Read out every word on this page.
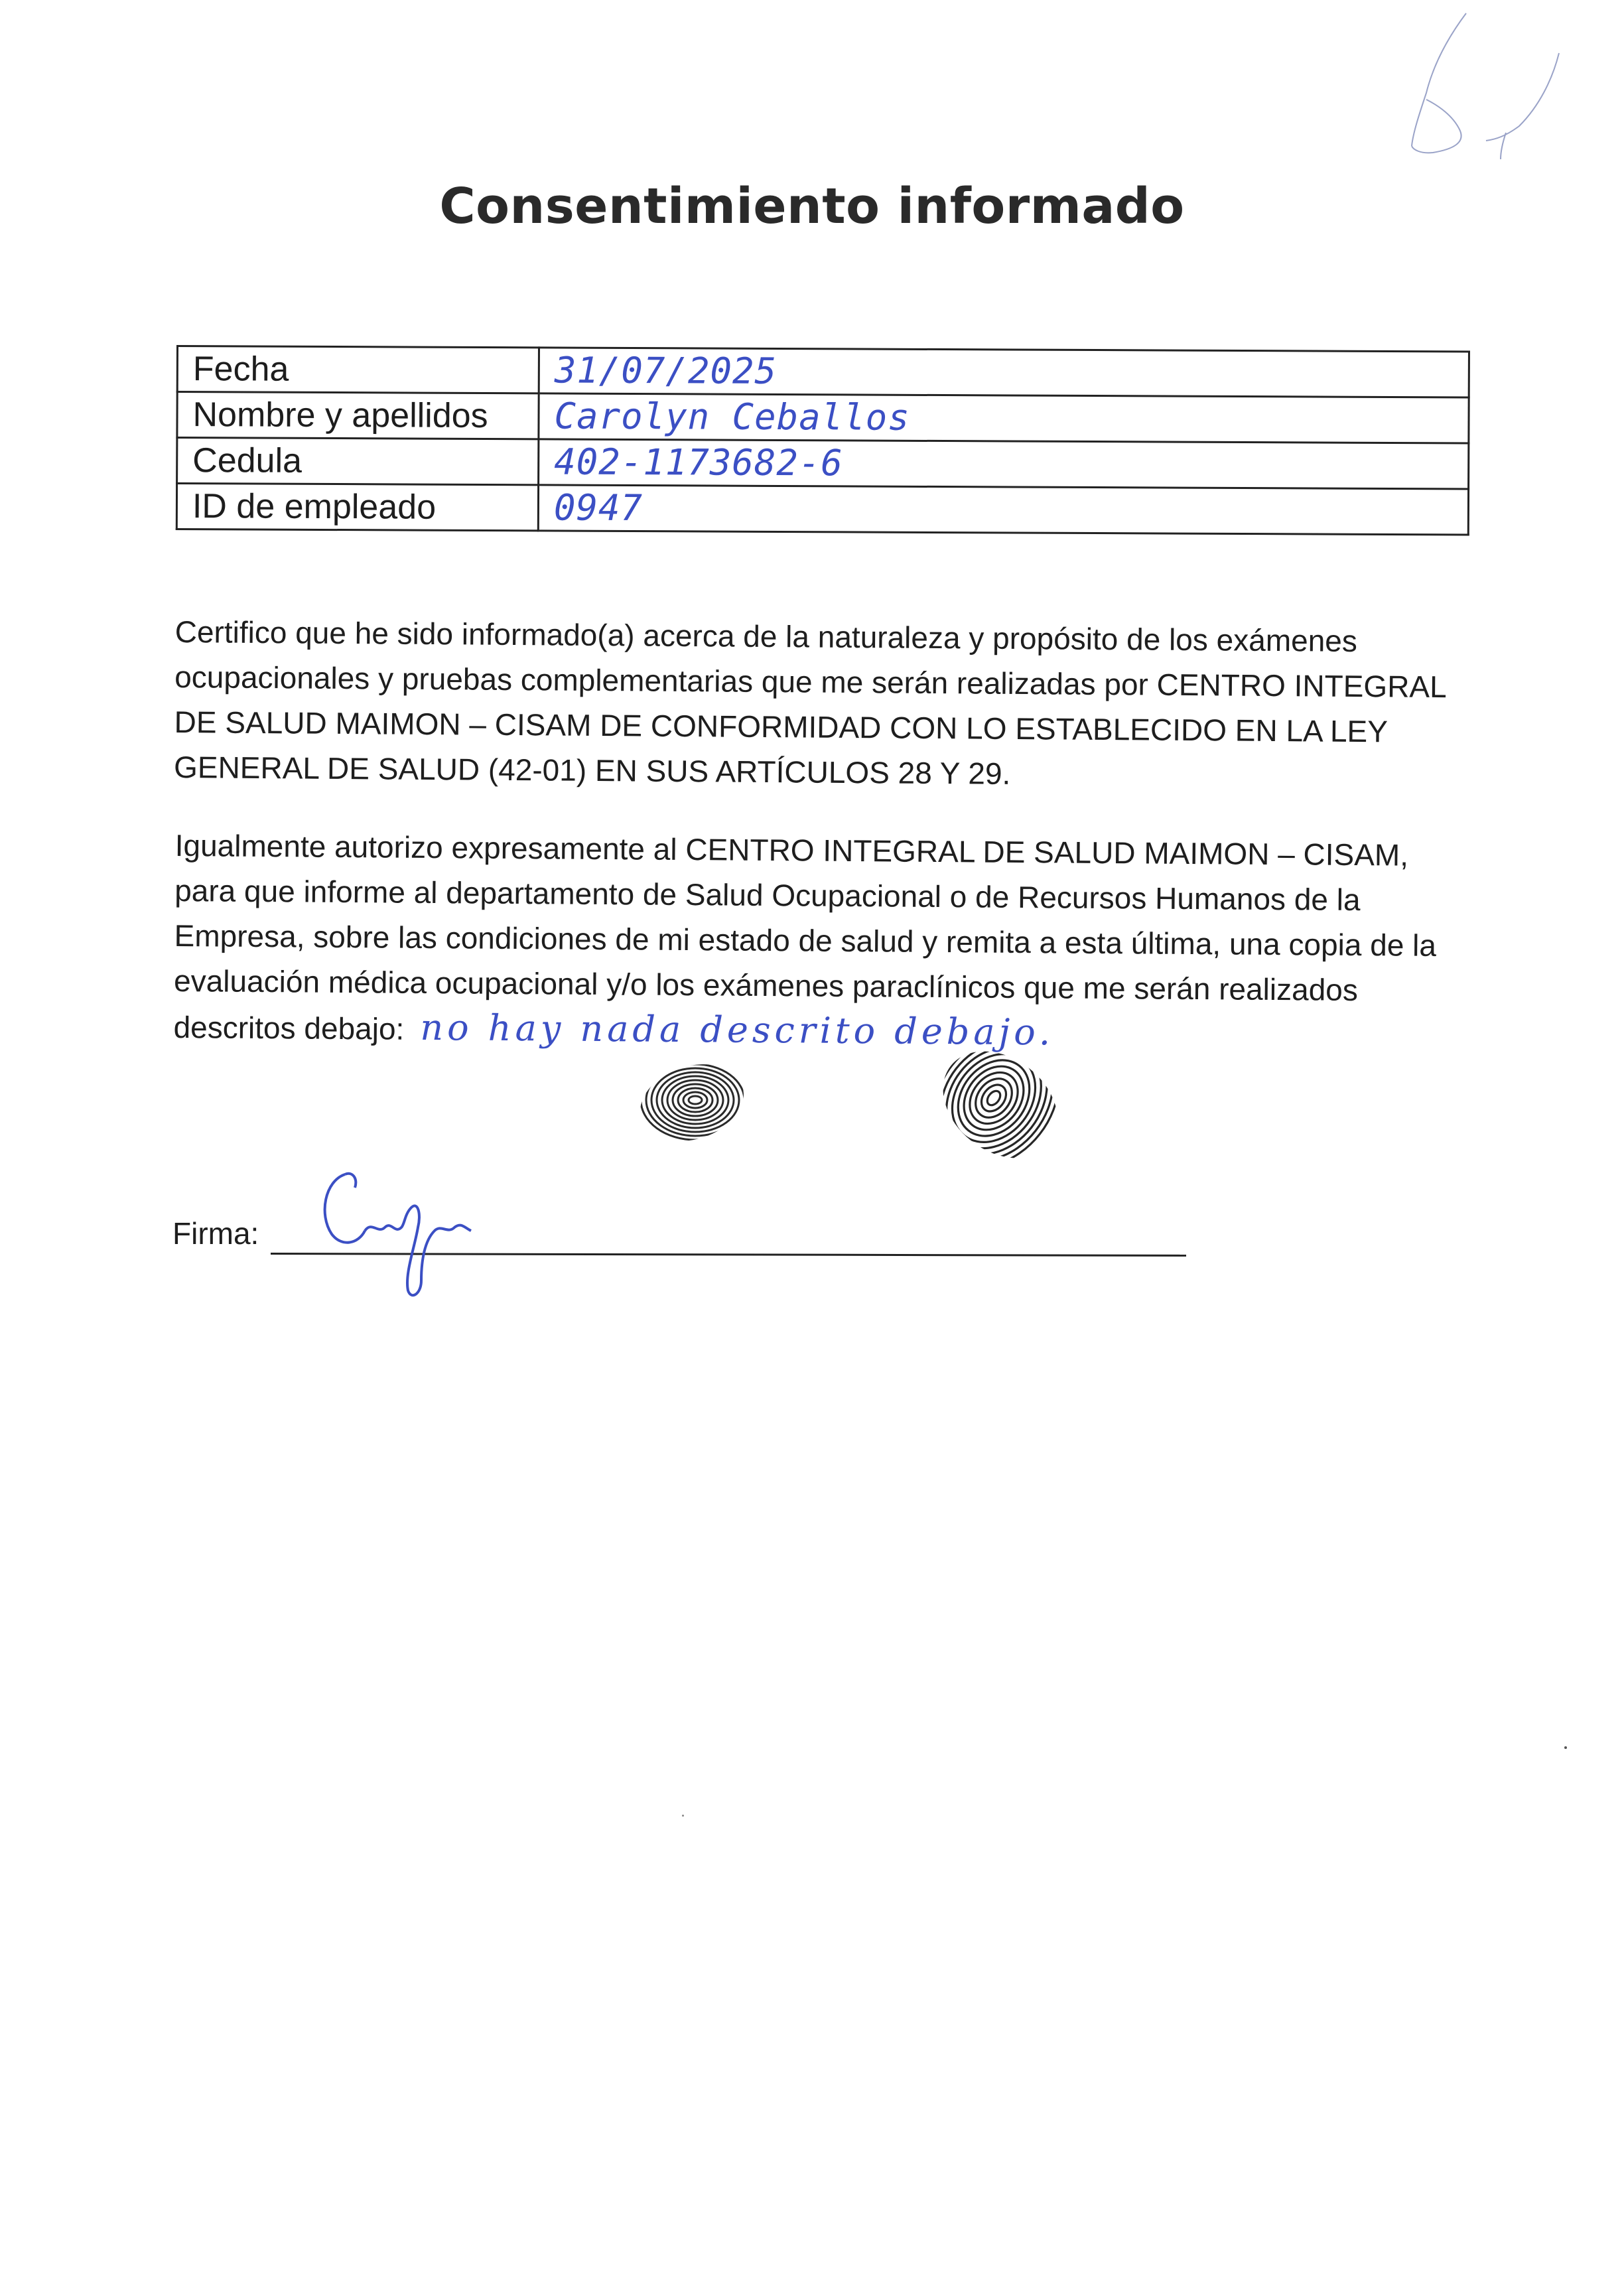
Consentimiento informado
Fecha	31/07/2025
Nombre y apellidos	Carolyn Ceballos
Cedula	402-1173682-6
ID de empleado	0947
Certifico que he sido informado(a) acerca de la naturaleza y propósito de los exámenes ocupacionales y pruebas complementarias que me serán realizadas por CENTRO INTEGRAL DE SALUD MAIMON – CISAM DE CONFORMIDAD CON LO ESTABLECIDO EN LA LEY GENERAL DE SALUD (42-01) EN SUS ARTÍCULOS 28 Y 29.
Igualmente autorizo expresamente al CENTRO INTEGRAL DE SALUD MAIMON – CISAM, para que informe al departamento de Salud Ocupacional o de Recursos Humanos de la Empresa, sobre las condiciones de mi estado de salud y remita a esta última, una copia de la evaluación médica ocupacional y/o los exámenes paraclínicos que me serán realizados descritos debajo: no hay nada descrito debajo.
Firma:
